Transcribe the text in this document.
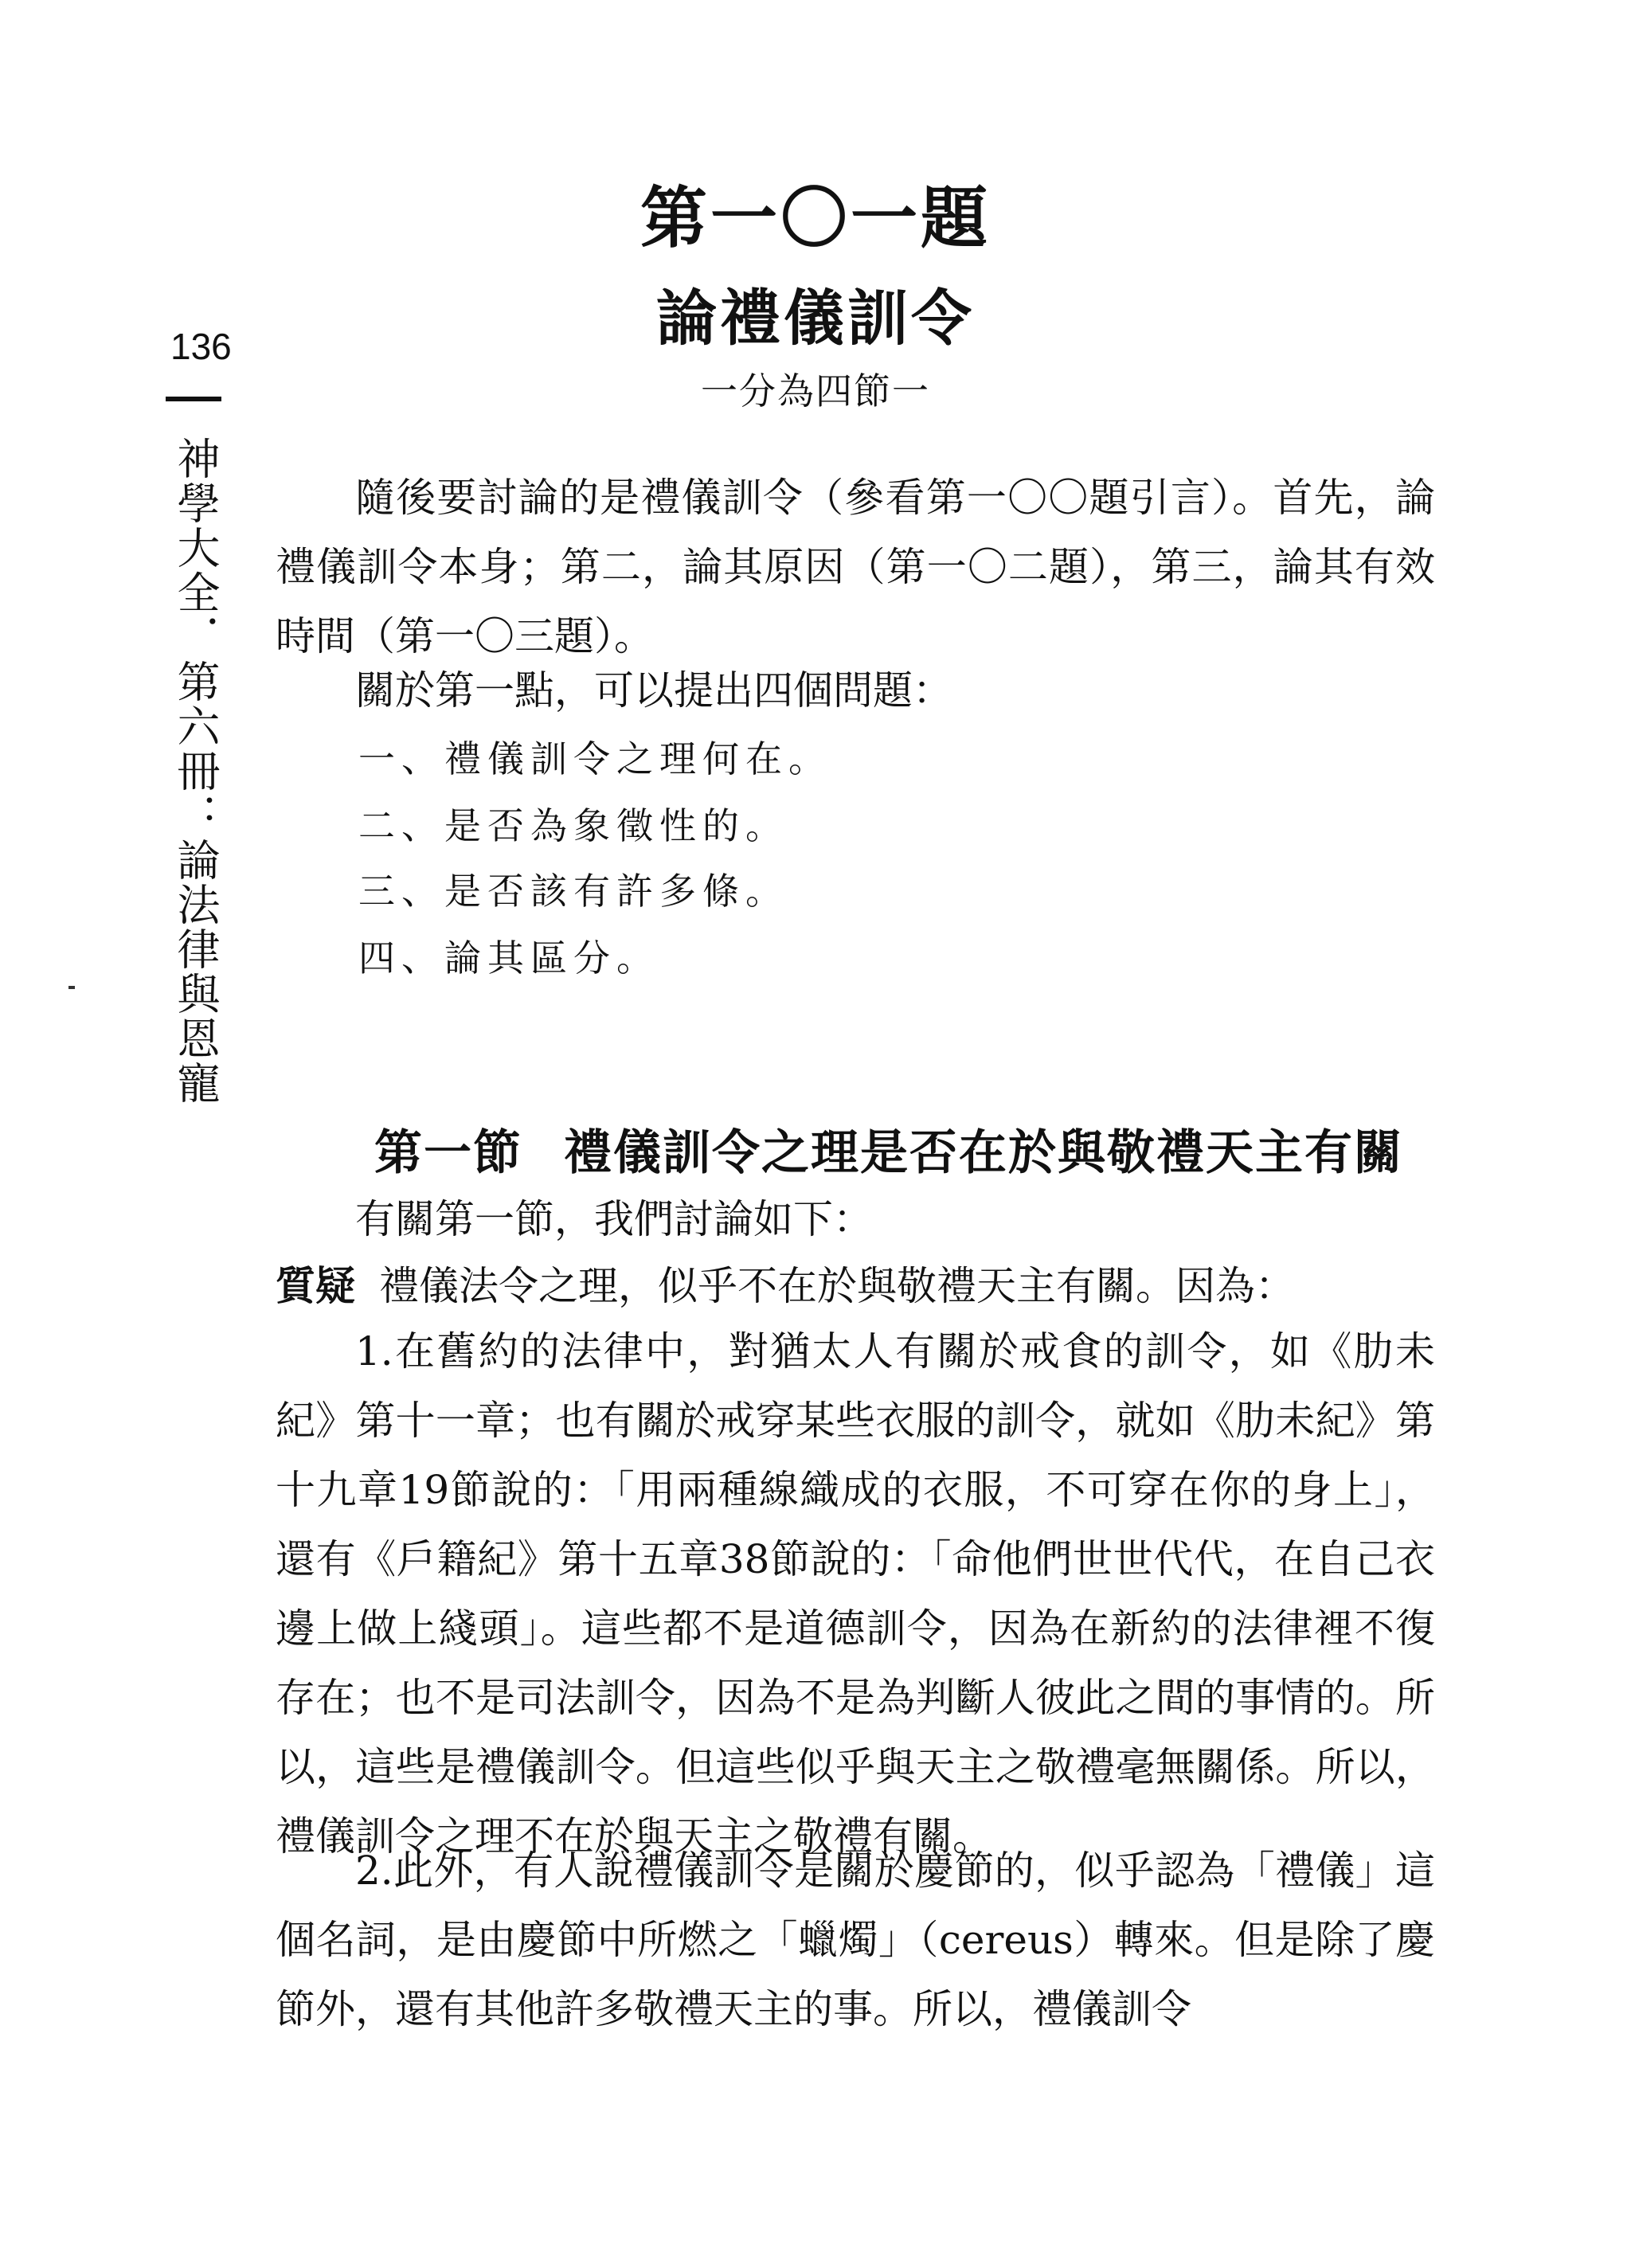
136
神學大全．第六冊：論法律與恩寵
第一〇一題
論禮儀訓令
一分為四節一

隨後要討論的是禮儀訓令（參看第一〇〇題引言）。首先，論禮儀訓令本身；第二，論其原因（第一〇二題），第三，論其有效時間（第一〇三題）。

關於第一點，可以提出四個問題：
一、禮儀訓令之理何在。
二、是否為象徵性的。
三、是否該有許多條。
四、論其區分。
第一節 禮儀訓令之理是否在於與敬禮天主有關
有關第一節，我們討論如下：
質疑 禮儀法令之理，似乎不在於與敬禮天主有關。因為：

1.在舊約的法律中，對猶太人有關於戒食的訓令，如《肋未紀》第十一章；也有關於戒穿某些衣服的訓令，就如《肋未紀》第十九章19節說的：「用兩種線織成的衣服，不可穿在你的身上」，還有《戶籍紀》第十五章38節說的：「命他們世世代代，在自己衣邊上做上綫頭」。這些都不是道德訓令，因為在新約的法律裡不復存在；也不是司法訓令，因為不是為判斷人彼此之間的事情的。所以，這些是禮儀訓令。但這些似乎與天主之敬禮毫無關係。所以，禮儀訓令之理不在於與天主之敬禮有關。

2.此外，有人說禮儀訓令是關於慶節的，似乎認為「禮儀」這個名詞，是由慶節中所燃之「蠟燭」（cereus）轉來。但是除了慶節外，還有其他許多敬禮天主的事。所以，禮儀訓令
